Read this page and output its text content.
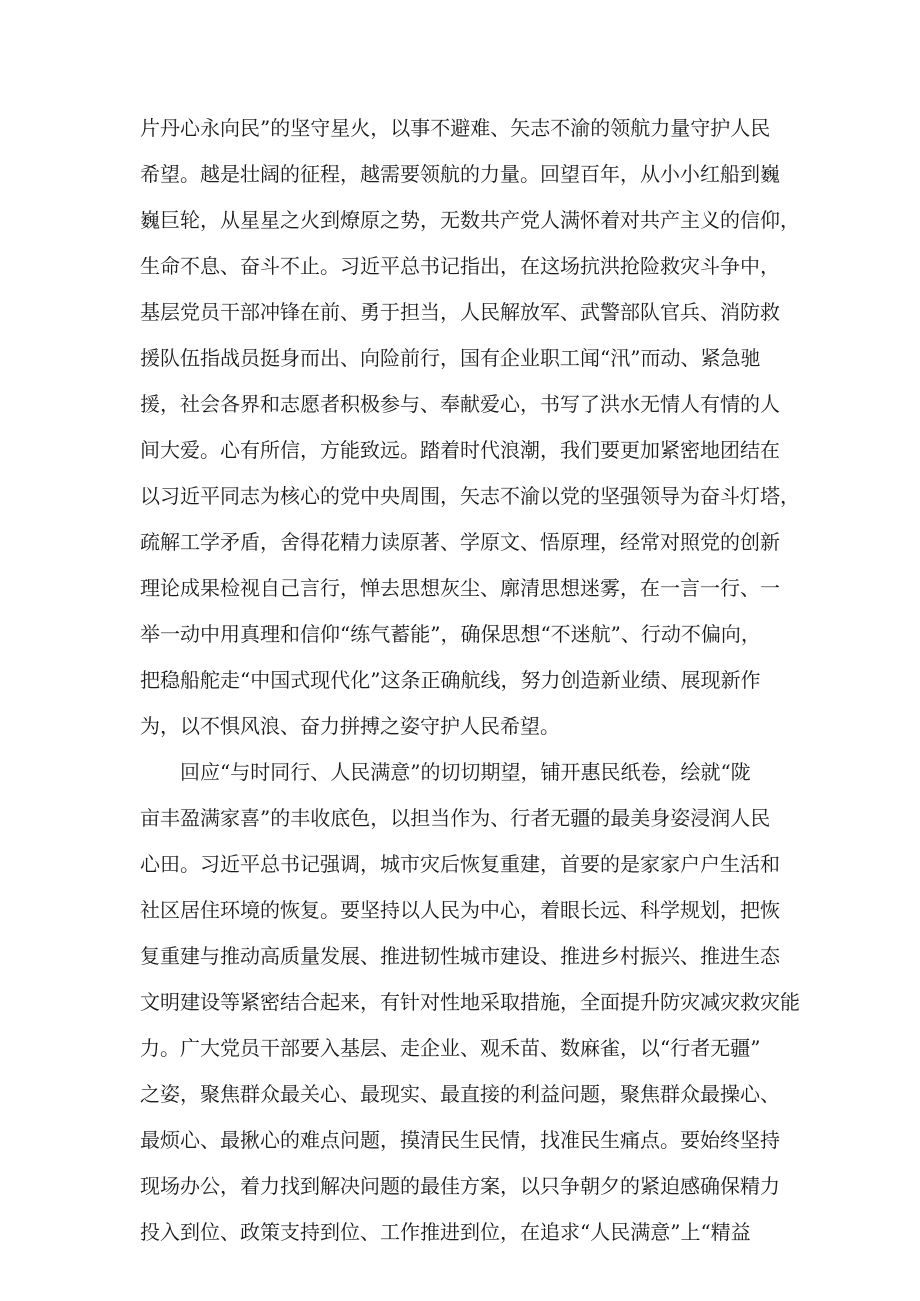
片丹心永向民”的坚守星火，以事不避难、矢志不渝的领航力量守护人民
希望。越是壮阔的征程，越需要领航的力量。回望百年，从小小红船到巍
巍巨轮，从星星之火到燎原之势，无数共产党人满怀着对共产主义的信仰，
生命不息、奋斗不止。习近平总书记指出，在这场抗洪抢险救灾斗争中，
基层党员干部冲锋在前、勇于担当，人民解放军、武警部队官兵、消防救
援队伍指战员挺身而出、向险前行，国有企业职工闻“汛”而动、紧急驰
援，社会各界和志愿者积极参与、奉献爱心，书写了洪水无情人有情的人
间大爱。心有所信，方能致远。踏着时代浪潮，我们要更加紧密地团结在
以习近平同志为核心的党中央周围，矢志不渝以党的坚强领导为奋斗灯塔，
疏解工学矛盾，舍得花精力读原著、学原文、悟原理，经常对照党的创新
理论成果检视自己言行，惮去思想灰尘、廓清思想迷雾，在一言一行、一
举一动中用真理和信仰“练气蓄能”，确保思想“不迷航”、行动不偏向，
把稳船舵走“中国式现代化”这条正确航线，努力创造新业绩、展现新作
为，以不惧风浪、奋力拼搏之姿守护人民希望。
回应“与时同行、人民满意”的切切期望，铺开惠民纸卷，绘就“陇
亩丰盈满家喜”的丰收底色，以担当作为、行者无疆的最美身姿浸润人民
心田。习近平总书记强调，城市灾后恢复重建，首要的是家家户户生活和
社区居住环境的恢复。要坚持以人民为中心，着眼长远、科学规划，把恢
复重建与推动高质量发展、推进韧性城市建设、推进乡村振兴、推进生态
文明建设等紧密结合起来，有针对性地采取措施，全面提升防灾减灾救灾能
力。广大党员干部要入基层、走企业、观禾苗、数麻雀，以“行者无疆”
之姿，聚焦群众最关心、最现实、最直接的利益问题，聚焦群众最操心、
最烦心、最揪心的难点问题，摸清民生民情，找准民生痛点。要始终坚持
现场办公，着力找到解决问题的最佳方案，以只争朝夕的紧迫感确保精力
投入到位、政策支持到位、工作推进到位，在追求“人民满意”上“精益
